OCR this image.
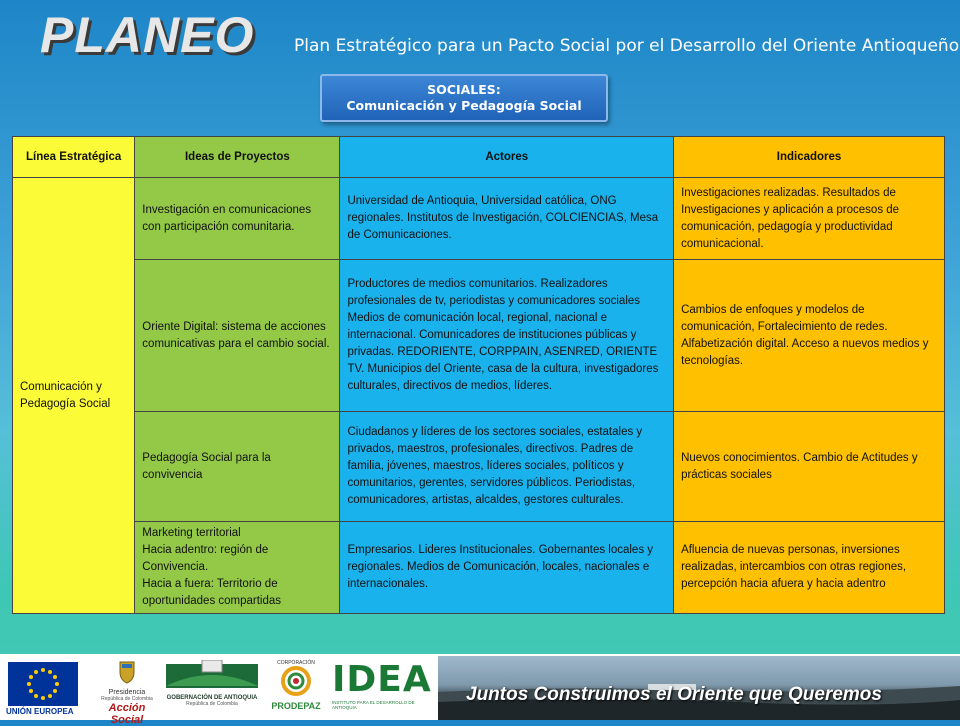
PLANEO Plan Estratégico para un Pacto Social por el Desarrollo del Oriente Antioqueño
SOCIALES:
Comunicación y Pedagogía Social
Línea Estratégica	Ideas de Proyectos	Actores	Indicadores
Comunicación y Pedagogía Social	Investigación en comunicaciones con participación comunitaria.	Universidad de Antioquia, Universidad católica, ONG regionales. Institutos de Investigación, COLCIENCIAS, Mesa de Comunicaciones.	Investigaciones realizadas. Resultados de Investigaciones y aplicación a procesos de comunicación, pedagogía y productividad comunicacional.
	Oriente Digital: sistema de acciones comunicativas para el cambio social.	Productores de medios comunitarios. Realizadores profesionales de tv, periodistas y comunicadores sociales Medios de comunicación local, regional, nacional e internacional. Comunicadores de instituciones públicas y privadas. REDORIENTE, CORPPAIN, ASENRED, ORIENTE TV. Municipios del Oriente, casa de la cultura, investigadores culturales, directivos de medios, líderes.	Cambios de enfoques y modelos de comunicación, Fortalecimiento de redes. Alfabetización digital. Acceso a nuevos medios y tecnologías.
	Pedagogía Social para la convivencia	Ciudadanos y líderes de los sectores sociales, estatales y privados, maestros, profesionales, directivos. Padres de familia, jóvenes, maestros, líderes sociales, políticos y comunitarios, gerentes, servidores públicos. Periodistas, comunicadores, artistas, alcaldes, gestores culturales.	Nuevos conocimientos. Cambio de Actitudes y prácticas sociales

	Marketing territorial
Hacia adentro: región de Convivencia.
Hacia a fuera: Territorio de oportunidades compartidas	Empresarios. Lideres Institucionales. Gobernantes locales y regionales. Medios de Comunicación, locales, nacionales e internacionales.	Afluencia de nuevas personas, inversiones realizadas, intercambios con otras regiones, percepción hacia afuera y hacia adentro
UNIÓN EUROPEA
Presidencia
República de Colombia
Acción Social
GOBERNACIÓN DE ANTIOQUIA
República de Colombia
CORPORACIÓN
PRODEPAZ
IDEA
INSTITUTO PARA EL DESARROLLO DE ANTIOQUIA
Juntos Construimos el Oriente que Queremos
